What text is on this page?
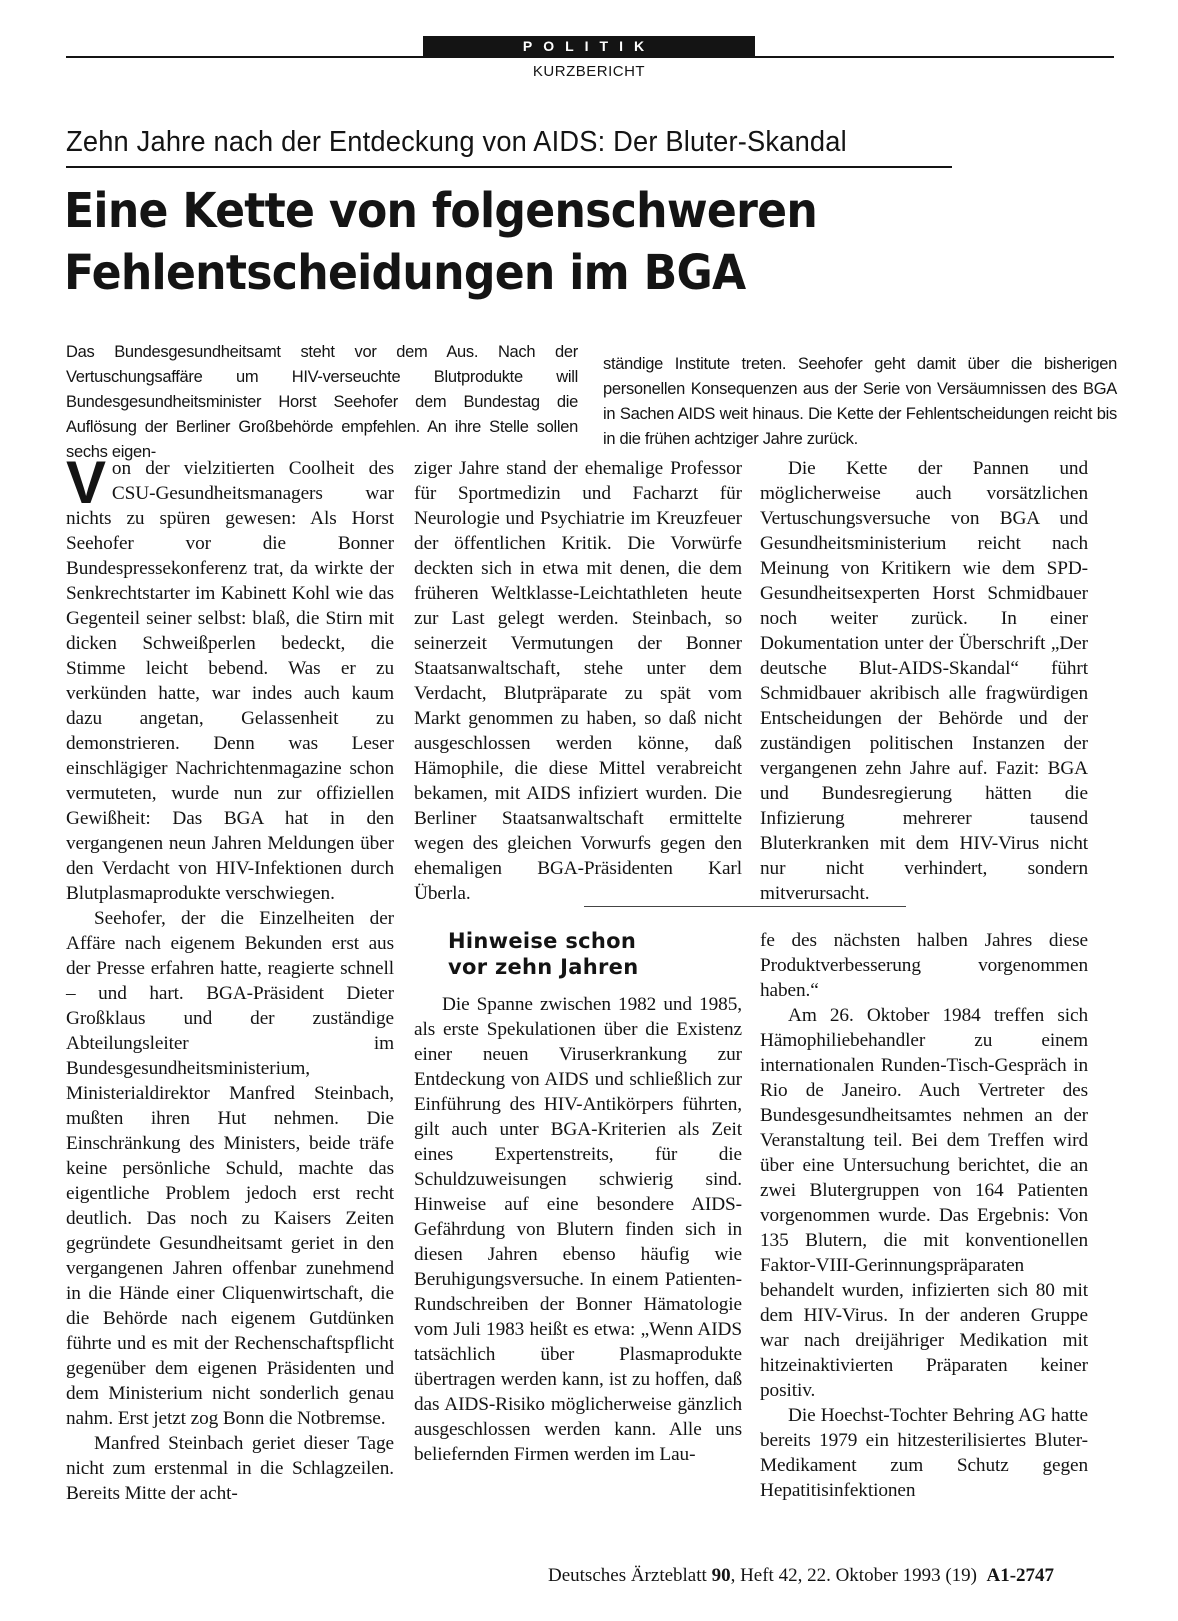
POLITIK
KURZBERICHT
Zehn Jahre nach der Entdeckung von AIDS: Der Bluter-Skandal
Eine Kette von folgenschweren
Fehlentscheidungen im BGA
Das Bundesgesundheitsamt steht vor dem Aus. Nach der Vertuschungsaffäre um HIV-verseuchte Blutprodukte will Bundesgesundheitsminister Horst Seehofer dem Bundestag die Auflösung der Berliner Großbehörde empfehlen. An ihre Stelle sollen sechs eigen-
ständige Institute treten. Seehofer geht damit über die bisherigen personellen Konsequenzen aus der Serie von Versäumnissen des BGA in Sachen AIDS weit hinaus. Die Kette der Fehlentscheidungen reicht bis in die frühen achtziger Jahre zurück.

Von der vielzitierten Coolheit des CSU-Gesundheitsmanagers war nichts zu spüren gewesen: Als Horst Seehofer vor die Bonner Bundespressekonferenz trat, da wirkte der Senkrechtstarter im Kabinett Kohl wie das Gegenteil seiner selbst: blaß, die Stirn mit dicken Schweißperlen bedeckt, die Stimme leicht bebend. Was er zu verkünden hatte, war indes auch kaum dazu angetan, Gelassenheit zu demonstrieren. Denn was Leser einschlägiger Nachrichtenmagazine schon vermuteten, wurde nun zur offiziellen Gewißheit: Das BGA hat in den vergangenen neun Jahren Meldungen über den Verdacht von HIV-Infektionen durch Blutplasmaprodukte verschwiegen.

Seehofer, der die Einzelheiten der Affäre nach eigenem Bekunden erst aus der Presse erfahren hatte, reagierte schnell – und hart. BGA-Präsident Dieter Großklaus und der zuständige Abteilungsleiter im Bundesgesundheitsministerium, Ministerialdirektor Manfred Steinbach, mußten ihren Hut nehmen. Die Einschränkung des Ministers, beide träfe keine persönliche Schuld, machte das eigentliche Problem jedoch erst recht deutlich. Das noch zu Kaisers Zeiten gegründete Gesundheitsamt geriet in den vergangenen Jahren offenbar zunehmend in die Hände einer Cliquenwirtschaft, die die Behörde nach eigenem Gutdünken führte und es mit der Rechenschaftspflicht gegenüber dem eigenen Präsidenten und dem Ministerium nicht sonderlich genau nahm. Erst jetzt zog Bonn die Notbremse.

Manfred Steinbach geriet dieser Tage nicht zum erstenmal in die Schlagzeilen. Bereits Mitte der acht-

ziger Jahre stand der ehemalige Professor für Sportmedizin und Facharzt für Neurologie und Psychiatrie im Kreuzfeuer der öffentlichen Kritik. Die Vorwürfe deckten sich in etwa mit denen, die dem früheren Weltklasse-Leichtathleten heute zur Last gelegt werden. Steinbach, so seinerzeit Vermutungen der Bonner Staatsanwaltschaft, stehe unter dem Verdacht, Blutpräparate zu spät vom Markt genommen zu haben, so daß nicht ausgeschlossen werden könne, daß Hämophile, die diese Mittel verabreicht bekamen, mit AIDS infiziert wurden. Die Berliner Staatsanwaltschaft ermittelte wegen des gleichen Vorwurfs gegen den ehemaligen BGA-Präsidenten Karl Überla.

Die Kette der Pannen und möglicherweise auch vorsätzlichen Vertuschungsversuche von BGA und Gesundheitsministerium reicht nach Meinung von Kritikern wie dem SPD-Gesundheitsexperten Horst Schmidbauer noch weiter zurück. In einer Dokumentation unter der Überschrift „Der deutsche Blut-AIDS-Skandal“ führt Schmidbauer akribisch alle fragwürdigen Entscheidungen der Behörde und der zuständigen politischen Instanzen der vergangenen zehn Jahre auf. Fazit: BGA und Bundesregierung hätten die Infizierung mehrerer tausend Bluterkranken mit dem HIV-Virus nicht nur nicht verhindert, sondern mitverursacht.

Hinweise schon
vor zehn Jahren

Die Spanne zwischen 1982 und 1985, als erste Spekulationen über die Existenz einer neuen Viruserkrankung zur Entdeckung von AIDS und schließlich zur Einführung des HIV-Antikörpers führten, gilt auch unter BGA-Kriterien als Zeit eines Expertenstreits, für die Schuldzuweisungen schwierig sind. Hinweise auf eine besondere AIDS-Gefährdung von Blutern finden sich in diesen Jahren ebenso häufig wie Beruhigungsversuche. In einem Patienten-Rundschreiben der Bonner Hämatologie vom Juli 1983 heißt es etwa: „Wenn AIDS tatsächlich über Plasmaprodukte übertragen werden kann, ist zu hoffen, daß das AIDS-Risiko möglicherweise gänzlich ausgeschlossen werden kann. Alle uns beliefernden Firmen werden im Lau-

fe des nächsten halben Jahres diese Produktverbesserung vorgenommen haben.“

Am 26. Oktober 1984 treffen sich Hämophiliebehandler zu einem internationalen Runden-Tisch-Gespräch in Rio de Janeiro. Auch Vertreter des Bundesgesundheitsamtes nehmen an der Veranstaltung teil. Bei dem Treffen wird über eine Untersuchung berichtet, die an zwei Blutergruppen von 164 Patienten vorgenommen wurde. Das Ergebnis: Von 135 Blutern, die mit konventionellen Faktor-VIII-Gerinnungspräparaten behandelt wurden, infizierten sich 80 mit dem HIV-Virus. In der anderen Gruppe war nach dreijähriger Medikation mit hitzeinaktivierten Präparaten keiner positiv.

Die Hoechst-Tochter Behring AG hatte bereits 1979 ein hitzesterilisiertes Bluter-Medikament zum Schutz gegen Hepatitisinfektionen

Deutsches Ärzteblatt 90, Heft 42, 22. Oktober 1993 (19) A1-2747
